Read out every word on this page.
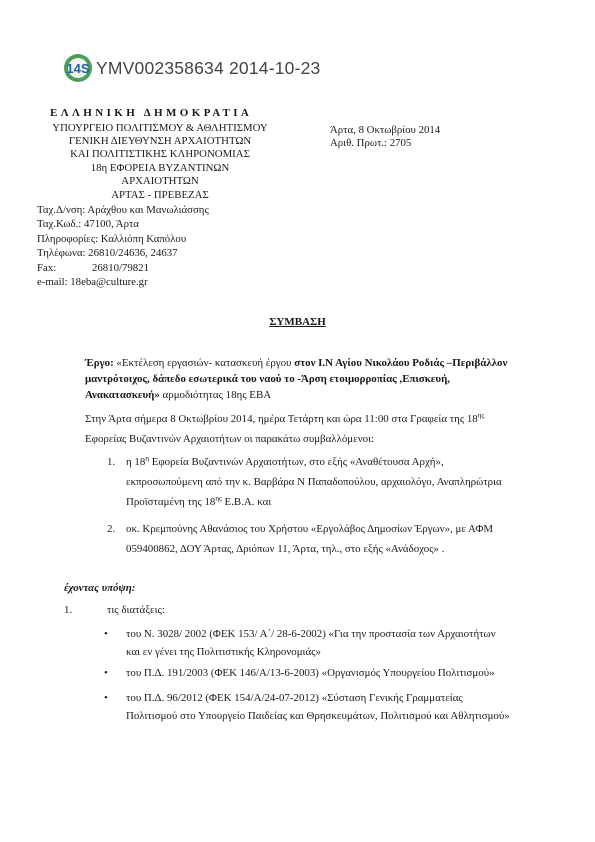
14S YMV002358634 2014-10-23
ΕΛΛΗΝΙΚΗ ΔΗΜΟΚΡΑΤΙΑ
ΥΠΟΥΡΓΕΙΟ ΠΟΛΙΤΙΣΜΟΥ & ΑΘΛΗΤΙΣΜΟΥ
ΓΕΝΙΚΗ ΔΙΕΥΘΥΝΣΗ ΑΡΧΑΙΟΤΗΤΩΝ
ΚΑΙ ΠΟΛΙΤΙΣΤΙΚΗΣ ΚΛΗΡΟΝΟΜΙΑΣ
18η ΕΦΟΡΕΙΑ ΒΥΖΑΝΤΙΝΩΝ
ΑΡΧΑΙΟΤΗΤΩΝ
ΑΡΤΑΣ - ΠΡΕΒΕΖΑΣ
Ταχ.Δ/νση: Αράχθου και Μανωλιάσσης
Ταχ.Κωδ.: 47100, Άρτα
Πληροφορίες: Καλλιόπη Καπόλου
Τηλέφωνα: 26810/24636, 24637
Fax:	26810/79821
e-mail: 18eba@culture.gr
Άρτα, 8 Οκτωβρίου 2014
Αριθ. Πρωτ.: 2705
ΣΥΜΒΑΣΗ
Έργο: «Εκτέλεση εργασιών- κατασκευή έργου στον Ι.Ν Αγίου Νικολάου Ροδιάς –Περιβάλλον
μαντρότοιχος, δάπεδο εσωτερικά του ναού το -Άρση ετοιμορροπίας ,Επισκευή,
Ανακατασκευή» αρμοδιότητας 18ης ΕΒΑ
Στην Άρτα σήμερα 8 Οκτωβρίου 2014, ημέρα Τετάρτη και ώρα 11:00 στα Γραφεία της $18^{\eta\varsigma}$
Εφορείας Βυζαντινών Αρχαιοτήτων οι παρακάτω συμβαλλόμενοι:
1. η $18^\eta$ Εφορεία Βυζαντινών Αρχαιοτήτων, στο εξής «Αναθέτουσα Αρχή»,
εκπροσωπούμενη από την κ. Βαρβάρα Ν Παπαδοπούλου, αρχαιολόγο, Αναπληρώτρια
Προϊσταμένη της $18^{\eta\varsigma}$ Ε.Β.Α. και
2. οκ. Κρεμπούνης Αθανάσιος του Χρήστου «Εργολάβος Δημοσίων Έργων», με ΑΦΜ
059400862, ΔΟΥ Άρτας, Δριόπων 11, Άρτα, τηλ., στο εξής «Ανάδοχος» .
έχοντας υπόψη:
1.	τις διατάξεις:
• του Ν. 3028/ 2002 (ΦΕΚ 153/ Α΄/ 28-6-2002) «Για την προστασία των Αρχαιοτήτων
και εν γένει της Πολιτιστικής Κληρονομιάς»
• του Π.Δ. 191/2003 (ΦΕΚ 146/Α/13-6-2003) «Οργανισμός Υπουργείου Πολιτισμού»
• του Π.Δ. 96/2012 (ΦΕΚ 154/Α/24-07-2012) «Σύσταση Γενικής Γραμματείας
Πολιτισμού στο Υπουργείο Παιδείας και Θρησκευμάτων, Πολιτισμού και Αθλητισμού»
